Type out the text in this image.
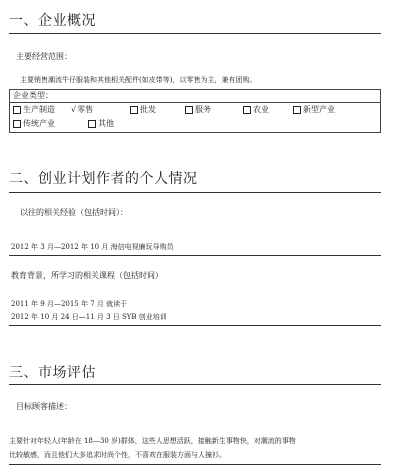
一、企业概况
主要经营范围：
主要销售潮流牛仔服装和其他相关配件(如皮带等)，以零售为主，兼有团购。
企业类型：
生产制造 √ 零售	批发	服务	农业	新型产业
传统产业	其他
二、创业计划作者的个人情况
以往的相关经验（包括时间）：
2012 年 3 月—2012 年 10 月 海信电视廉玩导购员
教育背景，所学习的相关课程（包括时间）
2011 年 9 月—2015 年 7 月 就读于
2012 年 10 月 24 日—11 月 3 日 SYB 创业培训
三、市场评估
目标顾客描述：
主要针对年轻人(年龄在 18—30 岁)群体，这些人思想活跃，接触新生事物快，对潮流的事物
比较敏感，而且他们大多追求时尚个性，不喜欢在服装方面与人撞衫。
